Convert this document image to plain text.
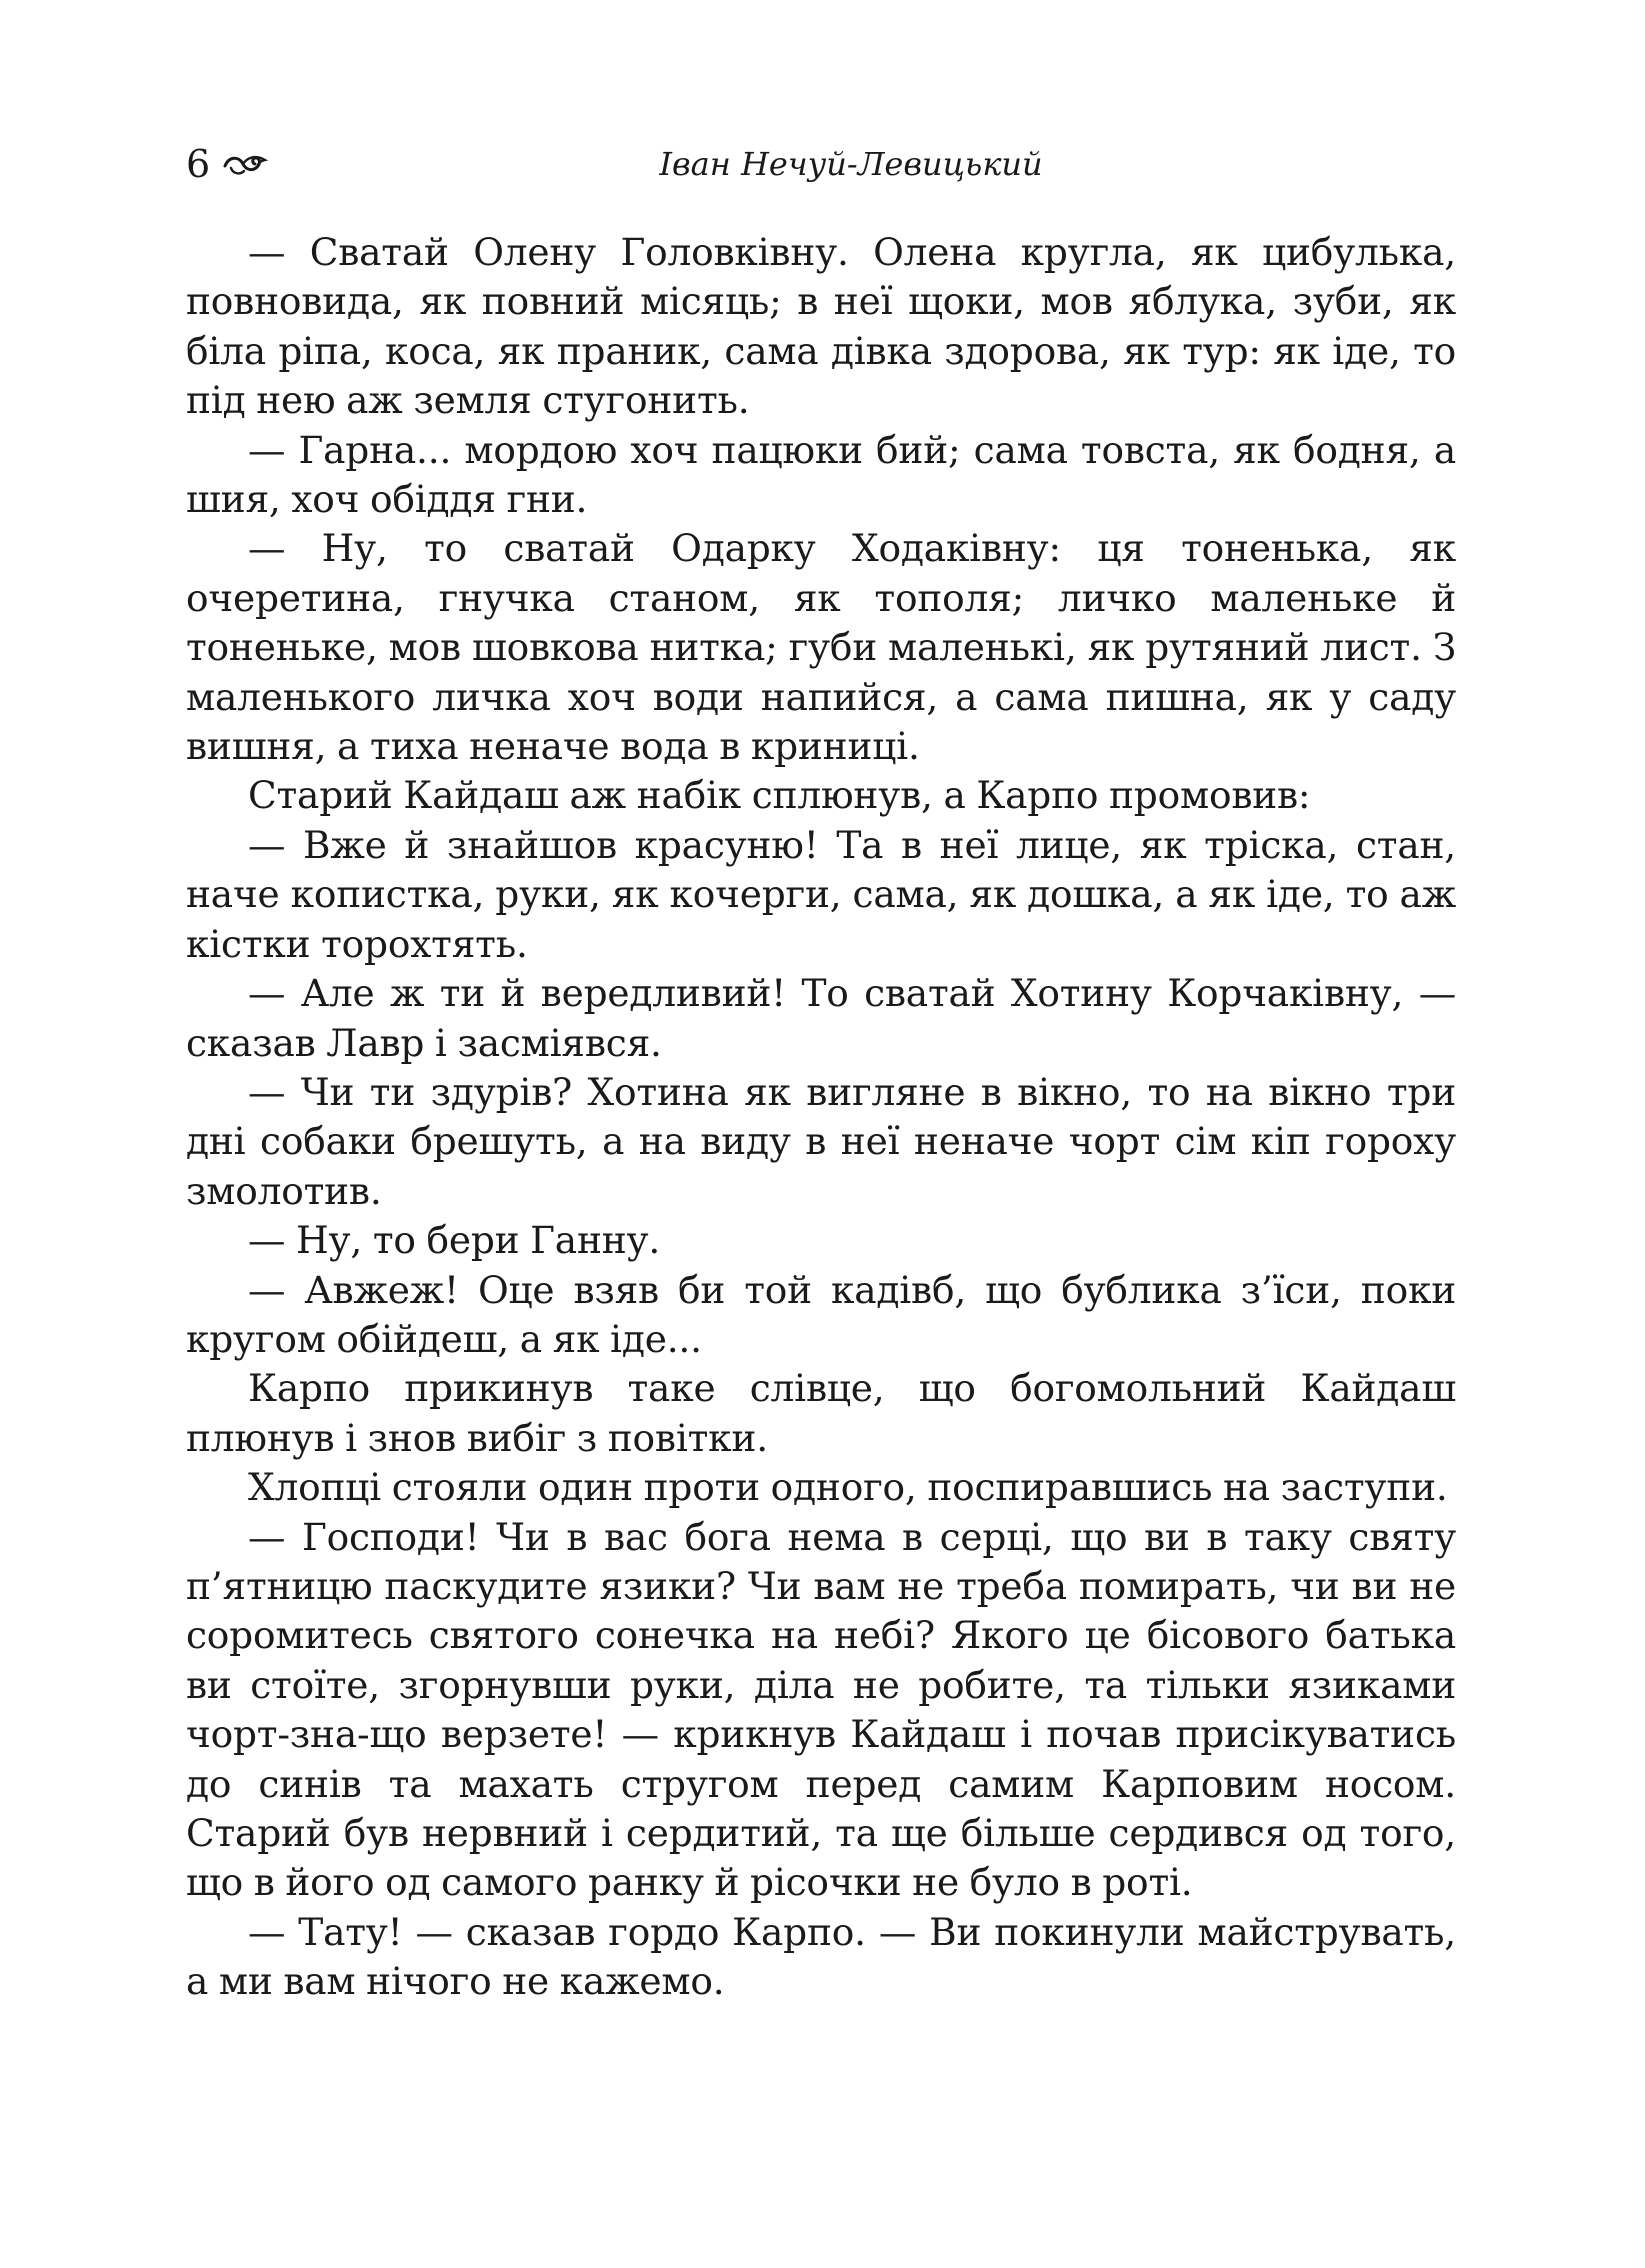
6	Іван Нечуй-Левицький

— Сватай Олену Головківну. Олена кругла, як цибулька, повновида, як повний місяць; в неї щоки, мов яблука, зуби, як біла ріпа, коса, як праник, сама дівка здорова, як тур: як іде, то під нею аж земля стугонить.

— Гарна... мордою хоч пацюки бий; сама товста, як бодня, а шия, хоч обіддя гни.

— Ну, то сватай Одарку Ходаківну: ця тоненька, як очеретина, гнучка станом, як тополя; личко маленьке й тоненьке, мов шовкова нитка; губи маленькі, як рутяний лист. З маленького личка хоч води напийся, а сама пишна, як у саду вишня, а тиха неначе вода в криниці.

Старий Кайдаш аж набік сплюнув, а Карпо промовив:

— Вже й знайшов красуню! Та в неї лице, як тріска, стан, наче копистка, руки, як кочерги, сама, як дошка, а як іде, то аж кістки торохтять.

— Але ж ти й вередливий! То сватай Хотину Корчаківну, — сказав Лавр і засміявся.

— Чи ти здурів? Хотина як вигляне в вікно, то на вікно три дні собаки брешуть, а на виду в неї неначе чорт сім кіп гороху змолотив.

— Ну, то бери Ганну.

— Авжеж! Оце взяв би той кадівб, що бублика з’їси, поки кругом обійдеш, а як іде...

Карпо прикинув таке слівце, що богомольний Кайдаш плюнув і знов вибіг з повітки.

Хлопці стояли один проти одного, поспиравшись на заступи.

— Господи! Чи в вас бога нема в серці, що ви в таку святу п’ятницю паскудите язики? Чи вам не треба помирать, чи ви не соромитесь святого сонечка на небі? Якого це бісового батька ви стоїте, згорнувши руки, діла не робите, та тільки язиками чорт-зна-що верзете! — крикнув Кайдаш і почав присікуватись до синів та махать стругом перед самим Карповим носом. Старий був нервний і сердитий, та ще більше сердився од того, що в його од самого ранку й рісочки не було в роті.

— Тату! — сказав гордо Карпо. — Ви покинули майструвать, а ми вам нічого не кажемо.
